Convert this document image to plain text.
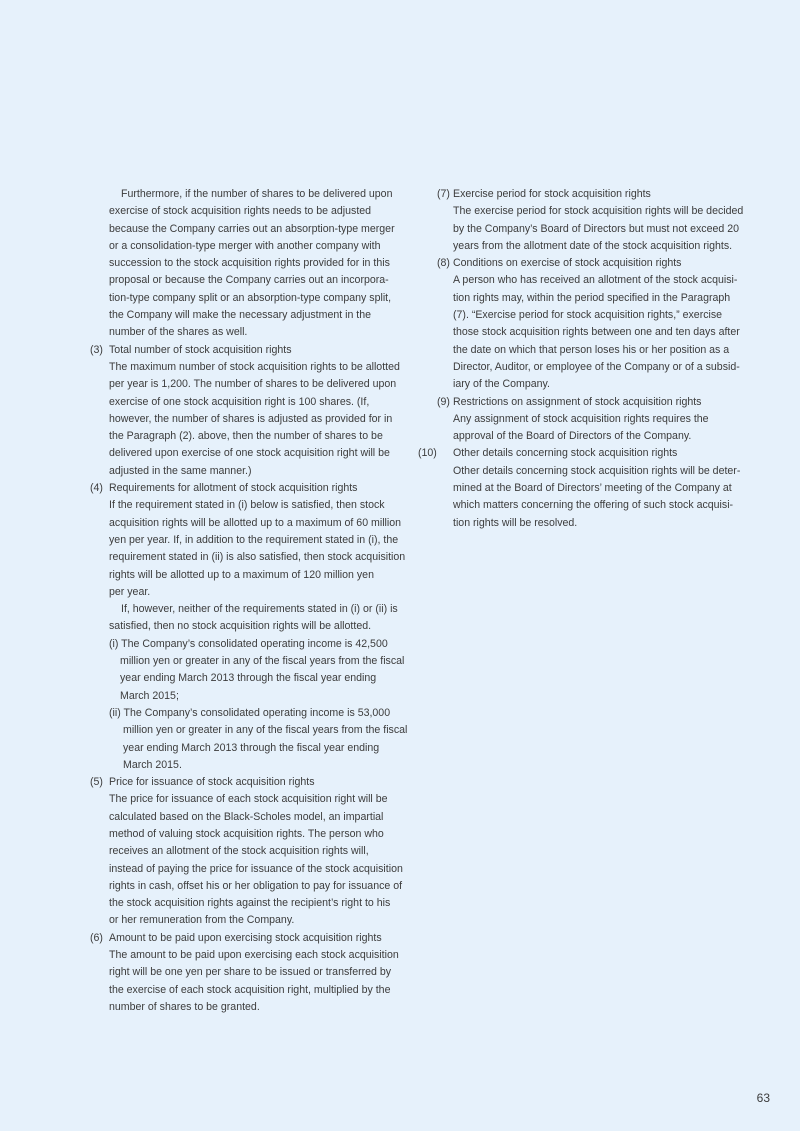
Furthermore, if the number of shares to be delivered upon
exercise of stock acquisition rights needs to be adjusted
because the Company carries out an absorption-type merger
or a consolidation-type merger with another company with
succession to the stock acquisition rights provided for in this
proposal or because the Company carries out an incorpora-
tion-type company split or an absorption-type company split,
the Company will make the necessary adjustment in the
number of the shares as well.
(3) Total number of stock acquisition rights
The maximum number of stock acquisition rights to be allotted
per year is 1,200. The number of shares to be delivered upon
exercise of one stock acquisition right is 100 shares. (If,
however, the number of shares is adjusted as provided for in
the Paragraph (2). above, then the number of shares to be
delivered upon exercise of one stock acquisition right will be
adjusted in the same manner.)
(4) Requirements for allotment of stock acquisition rights
If the requirement stated in (i) below is satisfied, then stock
acquisition rights will be allotted up to a maximum of 60 million
yen per year. If, in addition to the requirement stated in (i), the
requirement stated in (ii) is also satisfied, then stock acquisition
rights will be allotted up to a maximum of 120 million yen
per year.
If, however, neither of the requirements stated in (i) or (ii) is
satisfied, then no stock acquisition rights will be allotted.
(i) The Company’s consolidated operating income is 42,500
million yen or greater in any of the fiscal years from the fiscal
year ending March 2013 through the fiscal year ending
March 2015;
(ii) The Company’s consolidated operating income is 53,000
million yen or greater in any of the fiscal years from the fiscal
year ending March 2013 through the fiscal year ending
March 2015.
(5) Price for issuance of stock acquisition rights
The price for issuance of each stock acquisition right will be
calculated based on the Black-Scholes model, an impartial
method of valuing stock acquisition rights. The person who
receives an allotment of the stock acquisition rights will,
instead of paying the price for issuance of the stock acquisition
rights in cash, offset his or her obligation to pay for issuance of
the stock acquisition rights against the recipient’s right to his
or her remuneration from the Company.
(6) Amount to be paid upon exercising stock acquisition rights
The amount to be paid upon exercising each stock acquisition
right will be one yen per share to be issued or transferred by
the exercise of each stock acquisition right, multiplied by the
number of shares to be granted.
(7) Exercise period for stock acquisition rights
The exercise period for stock acquisition rights will be decided
by the Company’s Board of Directors but must not exceed 20
years from the allotment date of the stock acquisition rights.
(8) Conditions on exercise of stock acquisition rights
A person who has received an allotment of the stock acquisi-
tion rights may, within the period specified in the Paragraph
(7). “Exercise period for stock acquisition rights,” exercise
those stock acquisition rights between one and ten days after
the date on which that person loses his or her position as a
Director, Auditor, or employee of the Company or of a subsid-
iary of the Company.
(9) Restrictions on assignment of stock acquisition rights
Any assignment of stock acquisition rights requires the
approval of the Board of Directors of the Company.
(10) Other details concerning stock acquisition rights
Other details concerning stock acquisition rights will be deter-
mined at the Board of Directors’ meeting of the Company at
which matters concerning the offering of such stock acquisi-
tion rights will be resolved.
63
